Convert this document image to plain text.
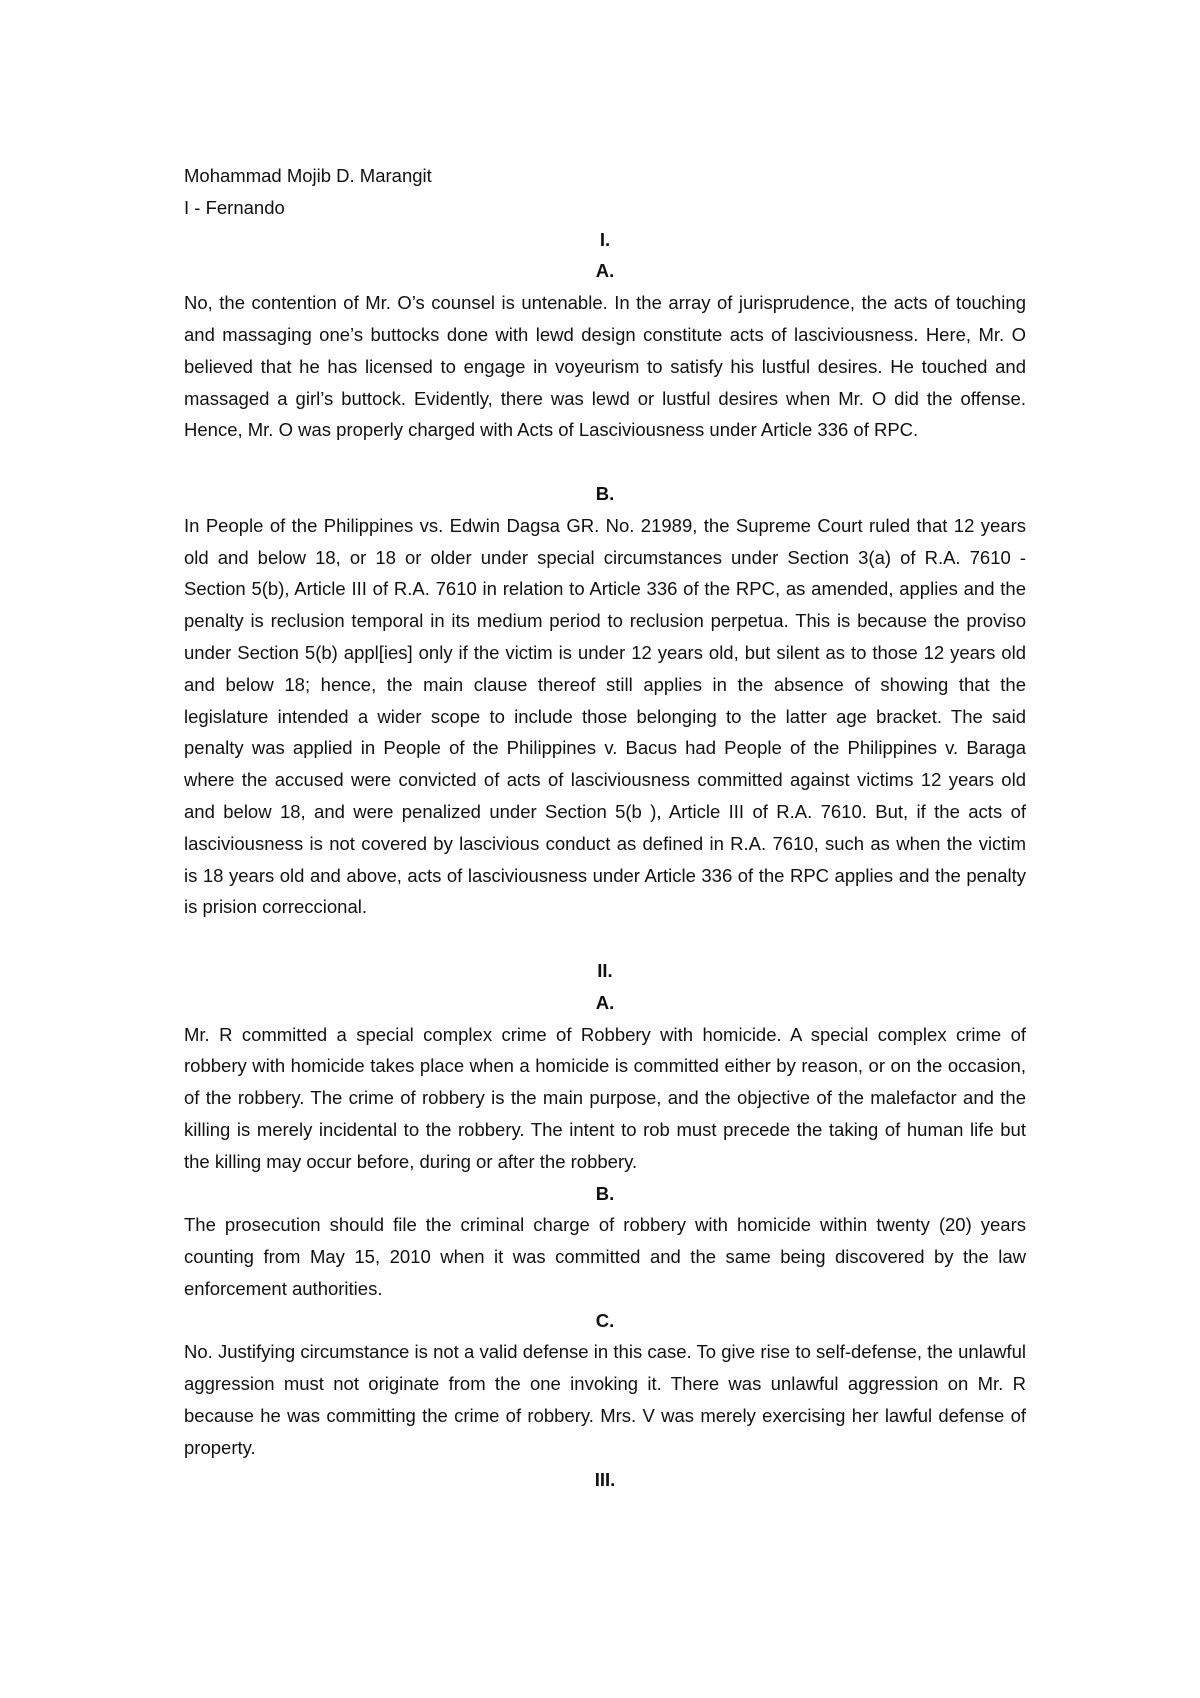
Mohammad Mojib D. Marangit

I - Fernando

I.

A.

No, the contention of Mr. O’s counsel is untenable. In the array of jurisprudence, the acts of touching and massaging one’s buttocks done with lewd design constitute acts of lasciviousness. Here, Mr. O believed that he has licensed to engage in voyeurism to satisfy his lustful desires. He touched and massaged a girl’s buttock. Evidently, there was lewd or lustful desires when Mr. O did the offense. Hence, Mr. O was properly charged with Acts of Lasciviousness under Article 336 of RPC.

B.

In People of the Philippines vs. Edwin Dagsa GR. No. 21989, the Supreme Court ruled that 12 years old and below 18, or 18 or older under special circumstances under Section 3(a) of R.A. 7610 - Section 5(b), Article III of R.A. 7610 in relation to Article 336 of the RPC, as amended, applies and the penalty is reclusion temporal in its medium period to reclusion perpetua. This is because the proviso under Section 5(b) appl[ies] only if the victim is under 12 years old, but silent as to those 12 years old and below 18; hence, the main clause thereof still applies in the absence of showing that the legislature intended a wider scope to include those belonging to the latter age bracket. The said penalty was applied in People of the Philippines v. Bacus had People of the Philippines v. Baraga where the accused were convicted of acts of lasciviousness committed against victims 12 years old and below 18, and were penalized under Section 5(b ), Article III of R.A. 7610. But, if the acts of lasciviousness is not covered by lascivious conduct as defined in R.A. 7610, such as when the victim is 18 years old and above, acts of lasciviousness under Article 336 of the RPC applies and the penalty is prision correccional.

II.

A.

Mr. R committed a special complex crime of Robbery with homicide. A special complex crime of robbery with homicide takes place when a homicide is committed either by reason, or on the occasion, of the robbery. The crime of robbery is the main purpose, and the objective of the malefactor and the killing is merely incidental to the robbery. The intent to rob must precede the taking of human life but the killing may occur before, during or after the robbery.

B.

The prosecution should file the criminal charge of robbery with homicide within twenty (20) years counting from May 15, 2010 when it was committed and the same being discovered by the law enforcement authorities.

C.

No. Justifying circumstance is not a valid defense in this case. To give rise to self-defense, the unlawful aggression must not originate from the one invoking it. There was unlawful aggression on Mr. R because he was committing the crime of robbery. Mrs. V was merely exercising her lawful defense of property.

III.
